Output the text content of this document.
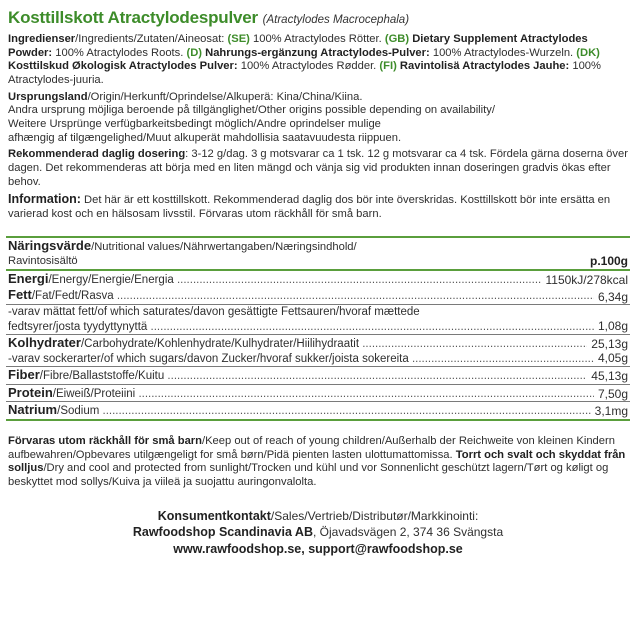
Kosttillskott Atractylodespulver (Atractylodes Macrocephala)

Ingredienser/Ingredients/Zutaten/Aineosat: (SE) 100% Atractylodes Rötter. (GB) Dietary Supplement Atractylodes Powder: 100% Atractylodes Roots. (D) Nahrungs-ergänzung Atractylodes-Pulver: 100% Atractylodes-Wurzeln. (DK) Kosttilskud Økologisk Atractylodes Pulver: 100% Atractylodes Rødder. (FI) Ravintolisä Atractylodes Jauhe: 100% Atractylodes-juuria.

Ursprungsland/Origin/Herkunft/Oprindelse/Alkuperä: Kina/China/Kiina.

Andra ursprung möjliga beroende på tillgänglighet/Other origins possible depending on availability/

Weitere Ursprünge verfügbarkeitsbedingt möglich/Andre oprindelser mulige

afhængig af tilgængelighed/Muut alkuperät mahdollisia saatavuudesta riippuen.

Rekommenderad daglig dosering: 3-12 g/dag. 3 g motsvarar ca 1 tsk. 12 g motsvarar ca 4 tsk. Fördela gärna doserna över dagen. Det rekommenderas att börja med en liten mängd och vänja sig vid produkten innan doseringen gradvis ökas efter behov.

Information: Det här är ett kosttillskott. Rekommenderad daglig dos bör inte överskridas. Kosttillskott bör inte ersätta en varierad kost och en hälsosam livsstil. Förvaras utom räckhåll för små barn.

Näringsvärde/Nutritional values/Nährwertangaben/Næringsindhold/

Ravintosisältö	p.100g
Energi/Energy/Energie/Energia .....	1150kJ/278kcal
Fett/Fat/Fedt/Rasva .....	6,34g

-varav mättat fett/of which saturates/davon gesättigte Fettsauren/hvoraf mættede

fedtsyrer/josta tyydyttynyttä .....	1,08g
Kolhydrater/Carbohydrate/Kohlenhydrate/Kulhydrater/Hiilihydraatit .....	25,13g
-varav sockerarter/of which sugars/davon Zucker/hvoraf sukker/joista sokereita .....	4,05g
Fiber/Fibre/Ballaststoffe/Kuitu .....	45,13g
Protein/Eiweiß/Proteiini .....	7,50g
Natrium/Sodium .....	3,1mg

Förvaras utom räckhåll för små barn/Keep out of reach of young children/Außerhalb der Reichweite von kleinen Kindern aufbewahren/Opbevares utilgængeligt for små børn/Pidä pienten lasten ulottumattomissa. Torrt och svalt och skyddat från solljus/Dry and cool and protected from sunlight/Trocken und kühl und vor Sonnenlicht geschützt lagern/Tørt og køligt og beskyttet mod sollys/Kuiva ja viileä ja suojattu auringonvalolta.

Konsumentkontakt/Sales/Vertrieb/Distributør/Markkinointi:

Rawfoodshop Scandinavia AB, Öjavadsvägen 2, 374 36 Svängsta

www.rawfoodshop.se, support@rawfoodshop.se
